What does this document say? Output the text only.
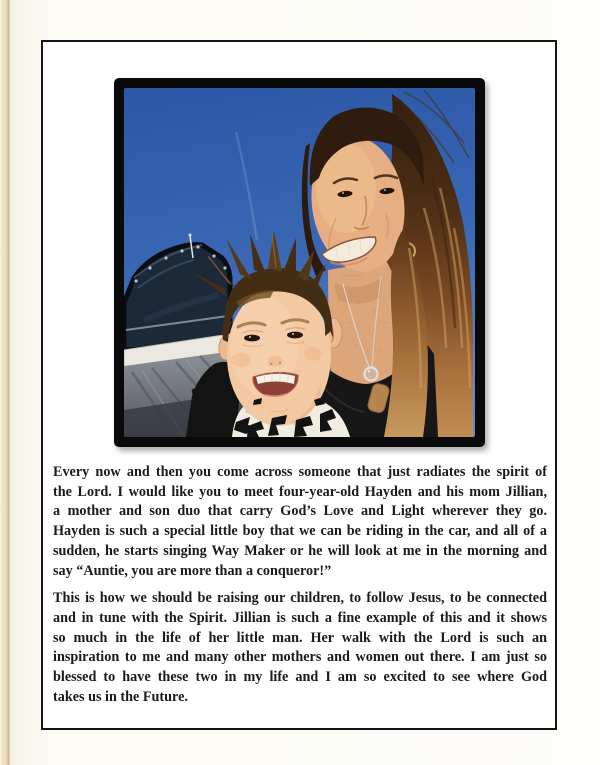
Every now and then you come across someone that just radiates the spirit of
the Lord. I would like you to meet four-year-old Hayden and his mom Jillian,
a mother and son duo that carry God’s Love and Light wherever they go.
Hayden is such a special little boy that we can be riding in the car, and all of a
sudden, he starts singing Way Maker or he will look at me in the morning and
say “Auntie, you are more than a conqueror!”
This is how we should be raising our children, to follow Jesus, to be connected
and in tune with the Spirit. Jillian is such a fine example of this and it shows
so much in the life of her little man. Her walk with the Lord is such an
inspiration to me and many other mothers and women out there. I am just so
blessed to have these two in my life and I am so excited to see where God
takes us in the Future.
